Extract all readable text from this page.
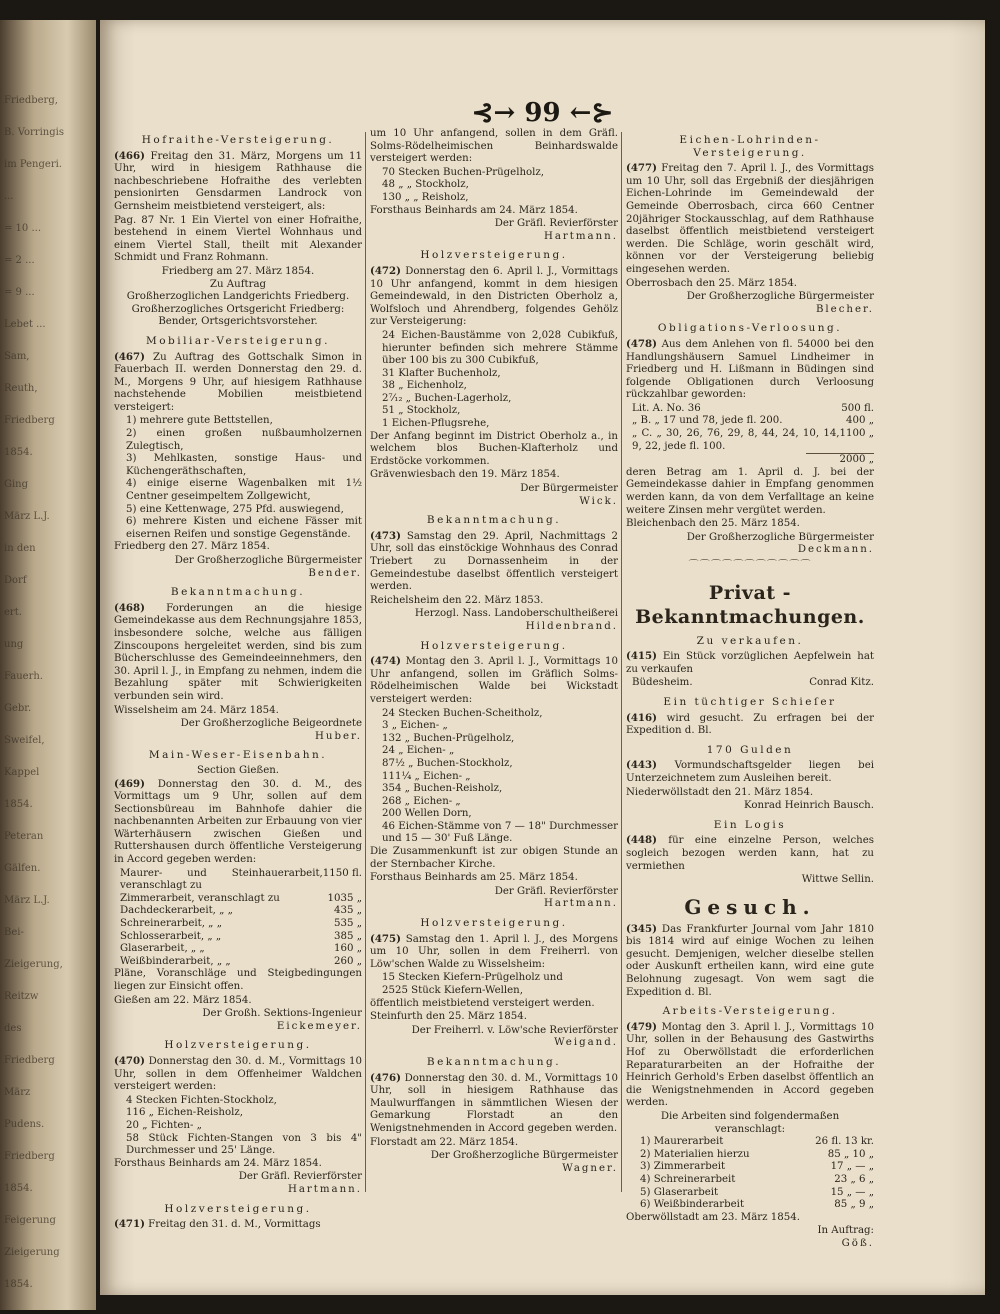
Friedberg,
B. Vorringis
im Pengeri.
...
= 10 ...
= 2 ...
= 9 ...
Lebet ...
Sam,
Reuth,
Friedberg
1854.
Ging
März L.J.
in den
Dorf
ert.
ung
Fauerh.
Gebr.
Sweifel,
Kappel
1854.
Peteran
Gälfen.
März L.J.
Bei-
Zieigerung,
Reitzw
des
Friedberg
März
Pudens.
Friedberg
1854.
Feigerung
Zieigerung
1854.
⊰→ 99 ←⊱
Hofraithe-Versteigerung.

(466) Freitag den 31. März, Morgens um 11 Uhr, wird in hiesigem Rathhause die nachbeschriebene Hofraithe des verlebten pensionirten Gensdarmen Landrock von Gernsheim meistbietend versteigert, als:

Pag. 87 Nr. 1 Ein Viertel von einer Hofraithe, bestehend in einem Viertel Wohnhaus und einem Viertel Stall, theilt mit Alexander Schmidt und Franz Rohmann.

Friedberg am 27. März 1854.

Zu Auftrag

Großherzoglichen Landgerichts Friedberg.

Großherzogliches Ortsgericht Friedberg:

Bender, Ortsgerichtsvorsteher.

Mobiliar-Versteigerung.

(467) Zu Auftrag des Gottschalk Simon in Fauerbach II. werden Donnerstag den 29. d. M., Morgens 9 Uhr, auf hiesigem Rathhause nachstehende Mobilien meistbietend versteigert:

1) mehrere gute Bettstellen,

2) einen großen nußbaumholzernen Zulegtisch,

3) Mehlkasten, sonstige Haus- und Küchengeräthschaften,

4) einige eiserne Wagenbalken mit 1½ Centner geseimpeltem Zollgewicht,

5) eine Kettenwage, 275 Pfd. auswiegend,

6) mehrere Kisten und eichene Fässer mit eisernen Reifen und sonstige Gegenstände.

Friedberg den 27. März 1854.

Der Großherzogliche Bürgermeister

Bender.

Bekanntmachung.

(468) Forderungen an die hiesige Gemeindekasse aus dem Rechnungsjahre 1853, insbesondere solche, welche aus fälligen Zinscoupons hergeleitet werden, sind bis zum Bücherschlusse des Gemeindeeinnehmers, den 30. April l. J., in Empfang zu nehmen, indem die Bezahlung später mit Schwierigkeiten verbunden sein wird.

Wisselsheim am 24. März 1854.

Der Großherzogliche Beigeordnete

Huber.

Main-Weser-Eisenbahn.
Section Gießen.

(469) Donnerstag den 30. d. M., des Vormittags um 9 Uhr, sollen auf dem Sectionsbüreau im Bahnhofe dahier die nachbenannten Arbeiten zur Erbauung von vier Wärterhäusern zwischen Gießen und Ruttershausen durch öffentliche Versteigerung in Accord gegeben werden:

Maurer- und Steinhauerarbeit, veranschlagt zu
1150 fl.
Zimmerarbeit, veranschlagt zu	1035 „
Dachdeckerarbeit, „ „	435 „
Schreinerarbeit, „ „	535 „
Schlosserarbeit, „ „	385 „
Glaserarbeit, „ „	160 „
Weißbinderarbeit, „ „	260 „

Pläne, Voranschläge und Steigbedingungen liegen zur Einsicht offen.

Gießen am 22. März 1854.

Der Großh. Sektions-Ingenieur

Eickemeyer.

Holzversteigerung.

(470) Donnerstag den 30. d. M., Vormittags 10 Uhr, sollen in dem Offenheimer Waldchen versteigert werden:

4 Stecken Fichten-Stockholz,

116 „ Eichen-Reisholz,

20 „ Fichten- „

58 Stück Fichten-Stangen von 3 bis 4" Durchmesser und 25' Länge.

Forsthaus Beinhards am 24. März 1854.

Der Gräfl. Revierförster

Hartmann.

Holzversteigerung.

(471) Freitag den 31. d. M., Vormittags

um 10 Uhr anfangend, sollen in dem Gräfl. Solms-Rödelheimischen Beinhardswalde versteigert werden:

70 Stecken Buchen-Prügelholz,

48 „ „ Stockholz,

130 „ „ Reisholz,

Forsthaus Beinhards am 24. März 1854.

Der Gräfl. Revierförster

Hartmann.

Holzversteigerung.

(472) Donnerstag den 6. April l. J., Vormittags 10 Uhr anfangend, kommt in dem hiesigen Gemeindewald, in den Districten Oberholz a, Wolfsloch und Ahrendberg, folgendes Gehölz zur Versteigerung:

24 Eichen-Baustämme von 2,028 Cubikfuß, hierunter befinden sich mehrere Stämme über 100 bis zu 300 Cubikfuß,

31 Klafter Buchenholz,

38 „ Eichenholz,

2⁷⁄₁₂ „ Buchen-Lagerholz,

51 „ Stockholz,

1 Eichen-Pflugsrehe,

Der Anfang beginnt im District Oberholz a., in welchem blos Buchen-Klafterholz und Erdstöcke vorkommen.

Grävenwiesbach den 19. März 1854.

Der Bürgermeister

Wick.

Bekanntmachung.

(473) Samstag den 29. April, Nachmittags 2 Uhr, soll das einstöckige Wohnhaus des Conrad Triebert zu Dornassenheim in der Gemeindestube daselbst öffentlich versteigert werden.

Reichelsheim den 22. März 1853.

Herzogl. Nass. Landoberschultheißerei

Hildenbrand.

Holzversteigerung.

(474) Montag den 3. April l. J., Vormittags 10 Uhr anfangend, sollen im Gräflich Solms-Rödelheimischen Walde bei Wickstadt versteigert werden:

24 Stecken Buchen-Scheitholz,

3 „ Eichen- „

132 „ Buchen-Prügelholz,

24 „ Eichen- „

87½ „ Buchen-Stockholz,

111¼ „ Eichen- „

354 „ Buchen-Reisholz,

268 „ Eichen- „

200 Wellen Dorn,

46 Eichen-Stämme von 7 — 18" Durchmesser und 15 — 30' Fuß Länge.

Die Zusammenkunft ist zur obigen Stunde an der Sternbacher Kirche.

Forsthaus Beinhards am 25. März 1854.

Der Gräfl. Revierförster

Hartmann.

Holzversteigerung.

(475) Samstag den 1. April l. J., des Morgens um 10 Uhr, sollen in dem Freiherrl. von Löw'schen Walde zu Wisselsheim:

15 Stecken Kiefern-Prügelholz und

2525 Stück Kiefern-Wellen,

öffentlich meistbietend versteigert werden.

Steinfurth den 25. März 1854.

Der Freiherrl. v. Löw'sche Revierförster

Weigand.

Bekanntmachung.

(476) Donnerstag den 30. d. M., Vormittags 10 Uhr, soll in hiesigem Rathhause das Maulwurffangen in sämmtlichen Wiesen der Gemarkung Florstadt an den Wenigstnehmenden in Accord gegeben werden.

Florstadt am 22. März 1854.

Der Großherzogliche Bürgermeister

Wagner.

Eichen-Lohrinden-Versteigerung.

(477) Freitag den 7. April l. J., des Vormittags um 10 Uhr, soll das Ergebniß der diesjährigen Eichen-Lohrinde im Gemeindewald der Gemeinde Oberrosbach, circa 660 Centner 20jähriger Stockausschlag, auf dem Rathhause daselbst öffentlich meistbietend versteigert werden. Die Schläge, worin geschält wird, können vor der Versteigerung beliebig eingesehen werden.

Oberrosbach den 25. März 1854.

Der Großherzogliche Bürgermeister

Blecher.

Obligations-Verloosung.

(478) Aus dem Anlehen von fl. 54000 bei den Handlungshäusern Samuel Lindheimer in Friedberg und H. Lißmann in Büdingen sind folgende Obligationen durch Verloosung rückzahlbar geworden:

Lit. A. No. 36	500 fl.
„ B. „ 17 und 78, jede fl. 200.	400 „
„ C. „ 30, 26, 76, 29, 8, 44, 24, 10, 14, 9, 22, jede fl. 100.
1100 „

2000 „

deren Betrag am 1. April d. J. bei der Gemeindekasse dahier in Empfang genommen werden kann, da von dem Verfalltage an keine weitere Zinsen mehr vergütet werden.

Bleichenbach den 25. März 1854.

Der Großherzogliche Bürgermeister

Deckmann.

⌒⌒⌒⌒⌒⌒⌒⌒⌒⌒⌒
Privat - Bekanntmachungen.
Zu verkaufen.

(415) Ein Stück vorzüglichen Aepfelwein hat zu verkaufen

Büdesheim.	Conrad Kitz.
Ein tüchtiger Schieſer

(416) wird gesucht. Zu erfragen bei der Expedition d. Bl.

170 Gulden

(443) Vormundschaftsgelder liegen bei Unterzeichnetem zum Ausleihen bereit.

Niederwöllstadt den 21. März 1854.

Konrad Heinrich Bausch.

Ein Logis

(448) für eine einzelne Person, welches sogleich bezogen werden kann, hat zu vermiethen

Wittwe Sellin.

Gesuch.

(345) Das Frankfurter Journal vom Jahr 1810 bis 1814 wird auf einige Wochen zu leihen gesucht. Demjenigen, welcher dieselbe stellen oder Auskunft ertheilen kann, wird eine gute Belohnung zugesagt. Von wem sagt die Expedition d. Bl.

Arbeits-Versteigerung.

(479) Montag den 3. April l. J., Vormittags 10 Uhr, sollen in der Behausung des Gastwirths Hof zu Oberwöllstadt die erforderlichen Reparaturarbeiten an der Hofraithe der Heinrich Gerhold's Erben daselbst öffentlich an die Wenigstnehmenden in Accord gegeben werden.

Die Arbeiten sind folgendermaßen veranschlagt:

1) Maurerarbeit	26 fl. 13 kr.
2) Materialien hierzu	85 „ 10 „
3) Zimmerarbeit	17 „ — „
4) Schreinerarbeit	23 „ 6 „
5) Glaserarbeit	15 „ — „
6) Weißbinderarbeit	85 „ 9 „

Oberwöllstadt am 23. März 1854.

In Auftrag:

Göß.
